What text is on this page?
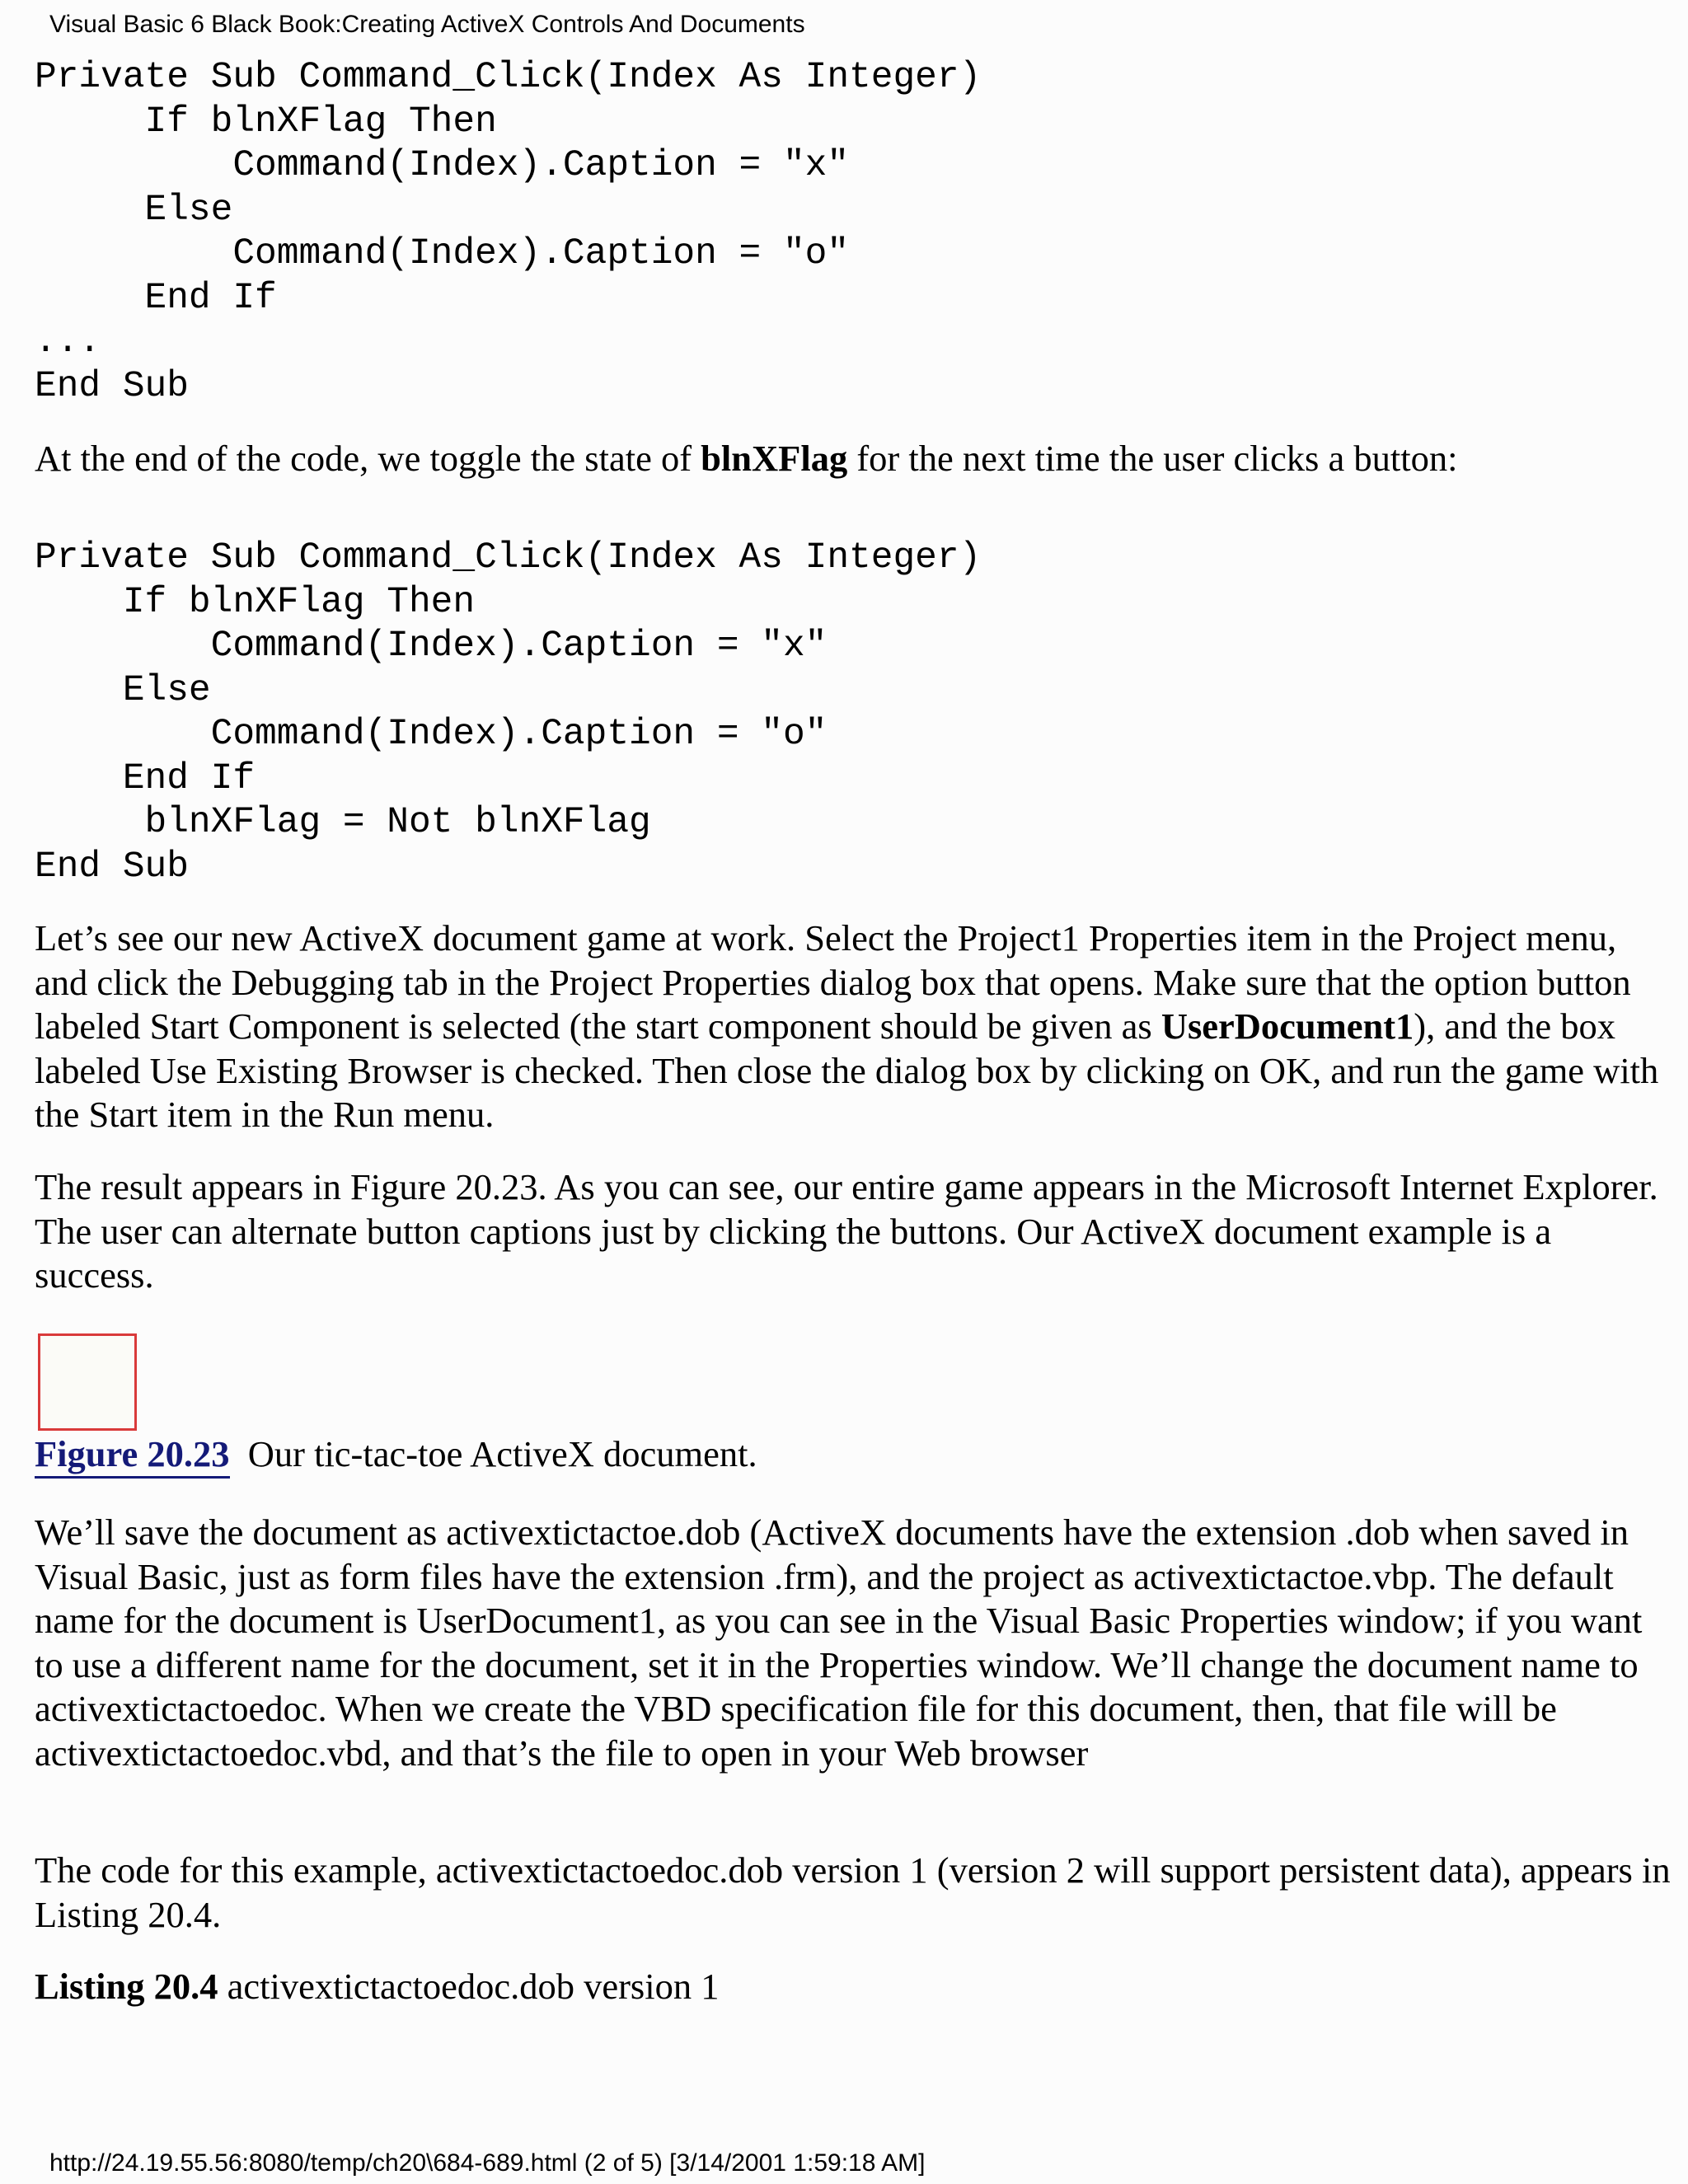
Visual Basic 6 Black Book:Creating ActiveX Controls And Documents
Private Sub Command_Click(Index As Integer)
If blnXFlag Then
Command(Index).Caption = "x"
Else
Command(Index).Caption = "o"
End If
...
End Sub

At the end of the code, we toggle the state of blnXFlag for the next time the user clicks a button:

Private Sub Command_Click(Index As Integer)
If blnXFlag Then
Command(Index).Caption = "x"
Else
Command(Index).Caption = "o"
End If
blnXFlag = Not blnXFlag
End Sub

Let’s see our new ActiveX document game at work. Select the Project1 Properties item in the Project menu, and click the Debugging tab in the Project Properties dialog box that opens. Make sure that the option button labeled Start Component is selected (the start component should be given as UserDocument1), and the box labeled Use Existing Browser is checked. Then close the dialog box by clicking on OK, and run the game with the Start item in the Run menu.

The result appears in Figure 20.23. As you can see, our entire game appears in the Microsoft Internet Explorer. The user can alternate button captions just by clicking the buttons. Our ActiveX document example is a success.

Figure 20.23 Our tic-tac-toe ActiveX document.

We’ll save the document as activextictactoe.dob (ActiveX documents have the extension .dob when saved in Visual Basic, just as form files have the extension .frm), and the project as activextictactoe.vbp. The default name for the document is UserDocument1, as you can see in the Visual Basic Properties window; if you want to use a different name for the document, set it in the Properties window. We’ll change the document name to activextictactoedoc. When we create the VBD specification file for this document, then, that file will be activextictactoedoc.vbd, and that’s the file to open in your Web browser

The code for this example, activextictactoedoc.dob version 1 (version 2 will support persistent data), appears in Listing 20.4.

Listing 20.4 activextictactoedoc.dob version 1

http://24.19.55.56:8080/temp/ch20\684-689.html (2 of 5) [3/14/2001 1:59:18 AM]
